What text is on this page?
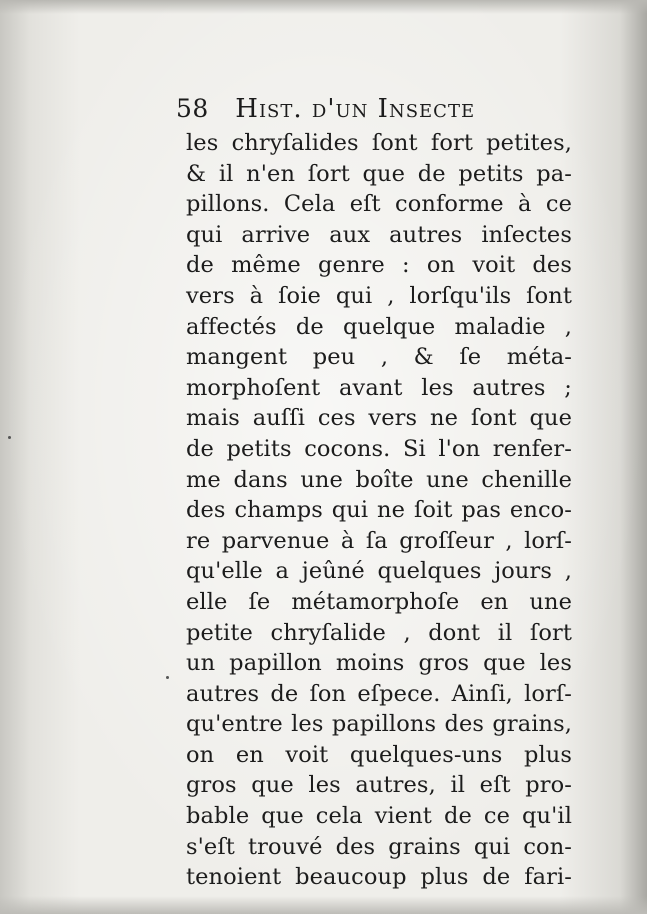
58 Hist. d'un Insecte
les chryſalides ſont fort petites,
& il n'en ſort que de petits pa-
pillons. Cela eſt conforme à ce
qui arrive aux autres inſectes
de même genre : on voit des
vers à ſoie qui , lorſqu'ils ſont
affectés de quelque maladie ,
mangent peu , & ſe méta-
morphoſent avant les autres ;
mais auſſi ces vers ne ſont que
de petits cocons. Si l'on renfer-
me dans une boîte une chenille
des champs qui ne ſoit pas enco-
re parvenue à ſa groſſeur , lorſ-
qu'elle a jeûné quelques jours ,
elle ſe métamorphoſe en une
petite chryſalide , dont il ſort
un papillon moins gros que les
autres de ſon eſpece. Ainſi, lorſ-
qu'entre les papillons des grains,
on en voit quelques-uns plus
gros que les autres, il eſt pro-
bable que cela vient de ce qu'il
s'eſt trouvé des grains qui con-
tenoient beaucoup plus de fari-
